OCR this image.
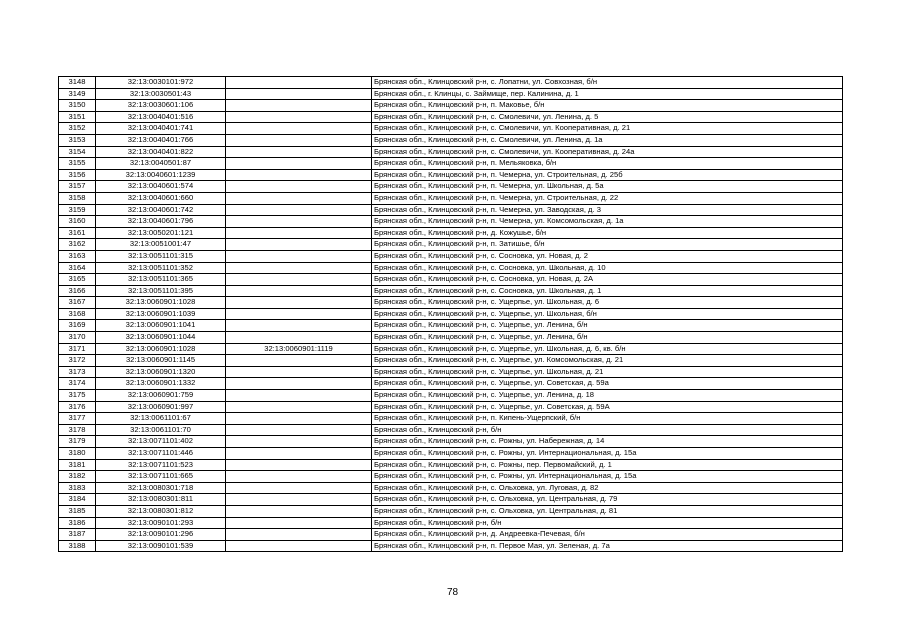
3148	32:13:0030101:972		Брянская обл., Клинцовский р-н, с. Лопатни, ул. Совхозная, б/н
3149	32:13:0030501:43		Брянская обл., г. Клинцы, с. Займище, пер. Калинина, д. 1
3150	32:13:0030601:106		Брянская обл., Клинцовский р-н, п. Маковье, б/н
3151	32:13:0040401:516		Брянская обл., Клинцовский р-н, с. Смолевичи, ул. Ленина, д. 5
3152	32:13:0040401:741		Брянская обл., Клинцовский р-н, с. Смолевичи, ул. Кооперативная, д. 21
3153	32:13:0040401:766		Брянская обл., Клинцовский р-н, с. Смолевичи, ул. Ленина, д. 1а
3154	32:13:0040401:822		Брянская обл., Клинцовский р-н, с. Смолевичи, ул. Кооперативная, д. 24а
3155	32:13:0040501:87		Брянская обл., Клинцовский р-н, п. Мельяковка, б/н
3156	32:13:0040601:1239		Брянская обл., Клинцовский р-н, п. Чемерна, ул. Строительная, д. 25б
3157	32:13:0040601:574		Брянская обл., Клинцовский р-н, п. Чемерна, ул. Школьная, д. 5а
3158	32:13:0040601:660		Брянская обл., Клинцовский р-н, п. Чемерна, ул. Строительная, д. 22
3159	32:13:0040601:742		Брянская обл., Клинцовский р-н, п. Чемерна, ул. Заводская, д. 3
3160	32:13:0040601:796		Брянская обл., Клинцовский р-н, п. Чемерна, ул. Комсомольская, д. 1а
3161	32:13:0050201:121		Брянская обл., Клинцовский р-н, д. Кожушье, б/н
3162	32:13:0051001:47		Брянская обл., Клинцовский р-н, п. Затишье, б/н
3163	32:13:0051101:315		Брянская обл., Клинцовский р-н, с. Сосновка, ул. Новая, д. 2
3164	32:13:0051101:352		Брянская обл., Клинцовский р-н, с. Сосновка, ул. Школьная, д. 10
3165	32:13:0051101:365		Брянская обл., Клинцовский р-н, с. Сосновка, ул. Новая, д. 2А
3166	32:13:0051101:395		Брянская обл., Клинцовский р-н, с. Сосновка, ул. Школьная, д. 1
3167	32:13:0060901:1028		Брянская обл., Клинцовский р-н, с. Ущерпье, ул. Школьная, д. 6
3168	32:13:0060901:1039		Брянская обл., Клинцовский р-н, с. Ущерпье, ул. Школьная, б/н
3169	32:13:0060901:1041		Брянская обл., Клинцовский р-н, с. Ущерпье, ул. Ленина, б/н
3170	32:13:0060901:1044		Брянская обл., Клинцовский р-н, с. Ущерпье, ул. Ленина, б/н
3171	32:13:0060901:1028	32:13:0060901:1119	Брянская обл., Клинцовский р-н, с. Ущерпье, ул. Школьная, д. 6, кв. б/н
3172	32:13:0060901:1145		Брянская обл., Клинцовский р-н, с. Ущерпье, ул. Комсомольская, д. 21
3173	32:13:0060901:1320		Брянская обл., Клинцовский р-н, с. Ущерпье, ул. Школьная, д. 21
3174	32:13:0060901:1332		Брянская обл., Клинцовский р-н, с. Ущерпье, ул. Советская, д. 59а
3175	32:13:0060901:759		Брянская обл., Клинцовский р-н, с. Ущерпье, ул. Ленина, д. 18
3176	32:13:0060901:997		Брянская обл., Клинцовский р-н, с. Ущерпье, ул. Советская, д. 59А
3177	32:13:0061101:67		Брянская обл., Клинцовский р-н, п. Кипень-Ущерпский, б/н
3178	32:13:0061101:70		Брянская обл., Клинцовский р-н, б/н
3179	32:13:0071101:402		Брянская обл., Клинцовский р-н, с. Рожны, ул. Набережная, д. 14
3180	32:13:0071101:446		Брянская обл., Клинцовский р-н, с. Рожны, ул. Интернациональная, д. 15а
3181	32:13:0071101:523		Брянская обл., Клинцовский р-н, с. Рожны, пер. Первомайский, д. 1
3182	32:13:0071101:665		Брянская обл., Клинцовский р-н, с. Рожны, ул. Интернациональная, д. 15а
3183	32:13:0080301:718		Брянская обл., Клинцовский р-н, с. Ольховка, ул. Луговая, д. 82
3184	32:13:0080301:811		Брянская обл., Клинцовский р-н, с. Ольховка, ул. Центральная, д. 79
3185	32:13:0080301:812		Брянская обл., Клинцовский р-н, с. Ольховка, ул. Центральная, д. 81
3186	32:13:0090101:293		Брянская обл., Клинцовский р-н, б/н
3187	32:13:0090101:296		Брянская обл., Клинцовский р-н, д. Андреевка-Печевая, б/н
3188	32:13:0090101:539		Брянская обл., Клинцовский р-н, п. Первое Мая, ул. Зеленая, д. 7а
78
